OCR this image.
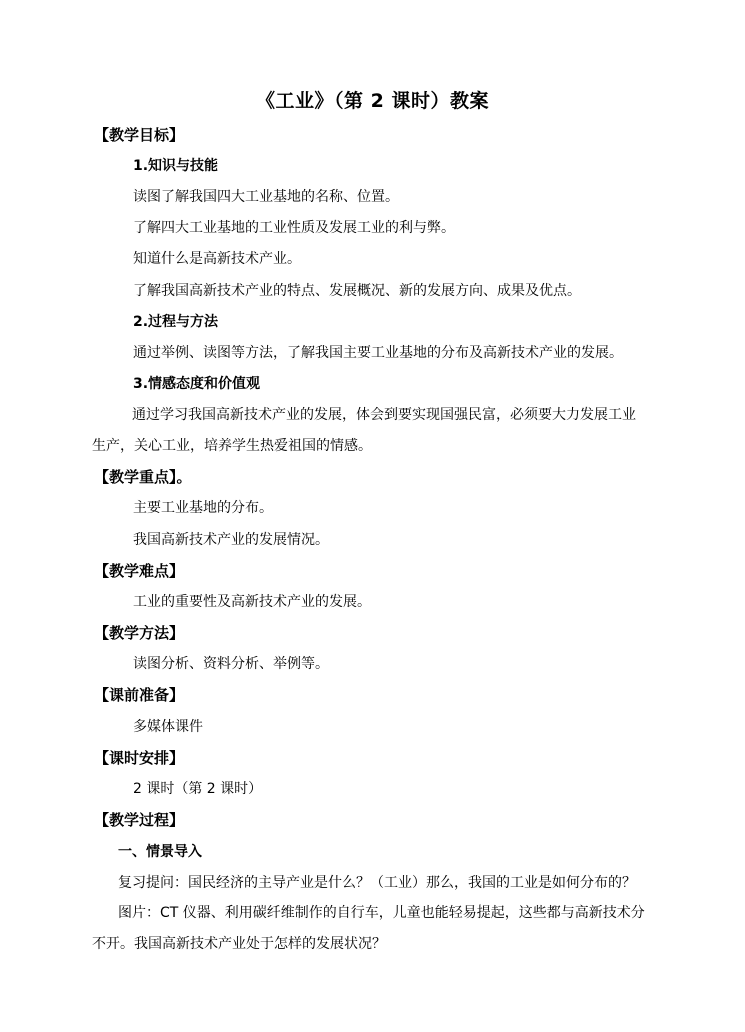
《工业》（第 2 课时）教案
【教学目标】
1.知识与技能
读图了解我国四大工业基地的名称、位置。
了解四大工业基地的工业性质及发展工业的利与弊。
知道什么是高新技术产业。
了解我国高新技术产业的特点、发展概况、新的发展方向、成果及优点。
2.过程与方法
通过举例、读图等方法，了解我国主要工业基地的分布及高新技术产业的发展。
3.情感态度和价值观
通过学习我国高新技术产业的发展，体会到要实现国强民富，必须要大力发展工业生产，关心工业，培养学生热爱祖国的情感。
【教学重点】。
主要工业基地的分布。
我国高新技术产业的发展情况。
【教学难点】
工业的重要性及高新技术产业的发展。
【教学方法】
读图分析、资料分析、举例等。
【课前准备】
多媒体课件
【课时安排】
2 课时（第 2 课时）
【教学过程】
一、情景导入
复习提问：国民经济的主导产业是什么？（工业）那么，我国的工业是如何分布的？
图片：CT 仪器、利用碳纤维制作的自行车，儿童也能轻易提起，这些都与高新技术分不开。我国高新技术产业处于怎样的发展状况？
